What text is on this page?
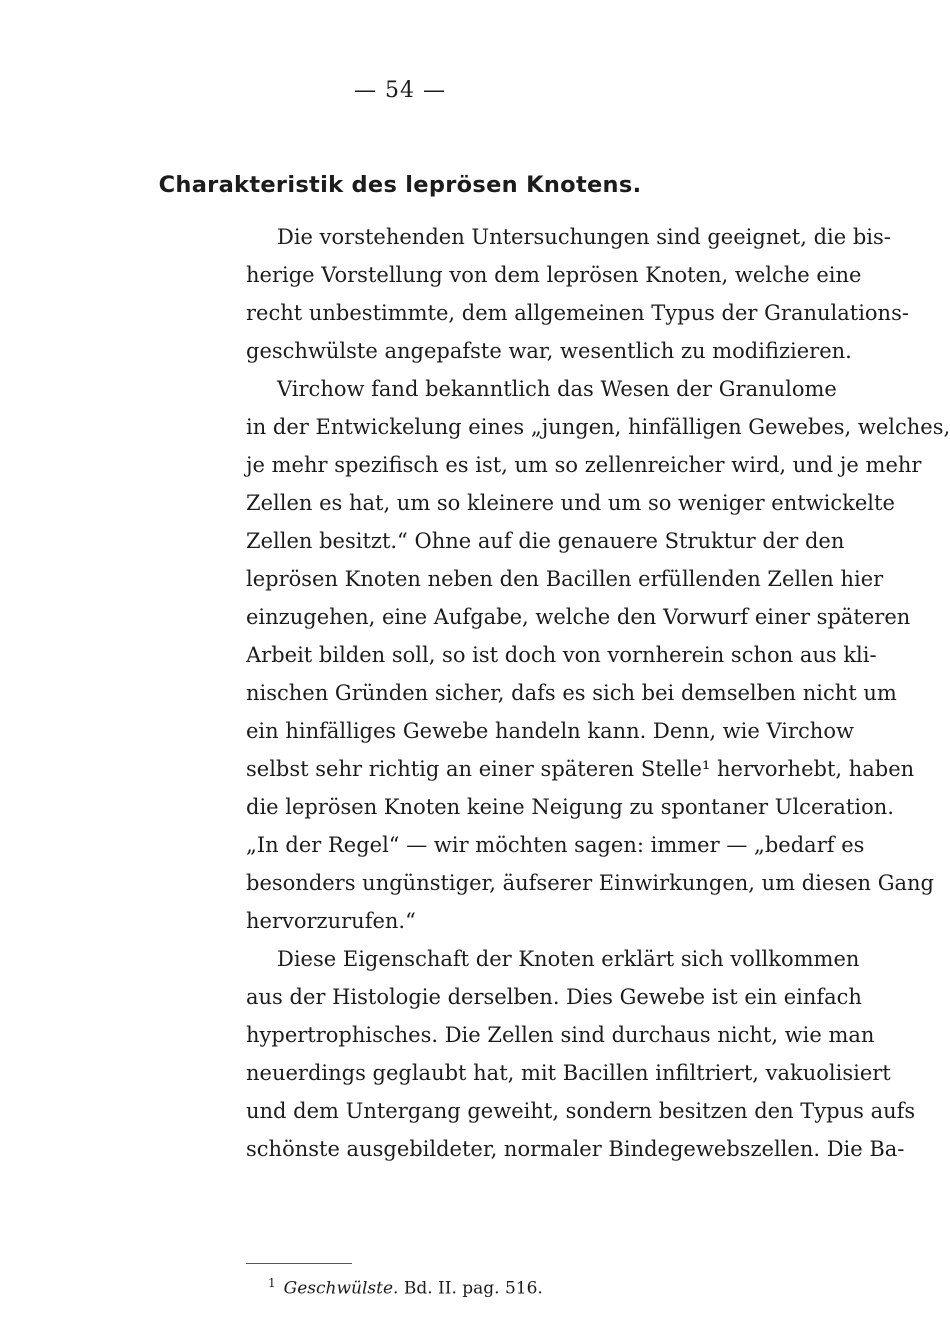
— 54 —
Charakteristik des leprösen Knotens.
Die vorstehenden Untersuchungen sind geeignet, die bis-
herige Vorstellung von dem leprösen Knoten, welche eine
recht unbestimmte, dem allgemeinen Typus der Granulations-
geschwülste angepafste war, wesentlich zu modifizieren.
Virchow fand bekanntlich das Wesen der Granulome
in der Entwickelung eines „jungen, hinfälligen Gewebes, welches,
je mehr spezifisch es ist, um so zellenreicher wird, und je mehr
Zellen es hat, um so kleinere und um so weniger entwickelte
Zellen besitzt.“ Ohne auf die genauere Struktur der den
leprösen Knoten neben den Bacillen erfüllenden Zellen hier
einzugehen, eine Aufgabe, welche den Vorwurf einer späteren
Arbeit bilden soll, so ist doch von vornherein schon aus kli-
nischen Gründen sicher, dafs es sich bei demselben nicht um
ein hinfälliges Gewebe handeln kann. Denn, wie Virchow
selbst sehr richtig an einer späteren Stelle¹ hervorhebt, haben
die leprösen Knoten keine Neigung zu spontaner Ulceration.
„In der Regel“ — wir möchten sagen: immer — „bedarf es
besonders ungünstiger, äufserer Einwirkungen, um diesen Gang
hervorzurufen.“
Diese Eigenschaft der Knoten erklärt sich vollkommen
aus der Histologie derselben. Dies Gewebe ist ein einfach
hypertrophisches. Die Zellen sind durchaus nicht, wie man
neuerdings geglaubt hat, mit Bacillen infiltriert, vakuolisiert
und dem Untergang geweiht, sondern besitzen den Typus aufs
schönste ausgebildeter, normaler Bindegewebszellen. Die Ba-
$^1$ Geschwülste. Bd. II. pag. 516.
